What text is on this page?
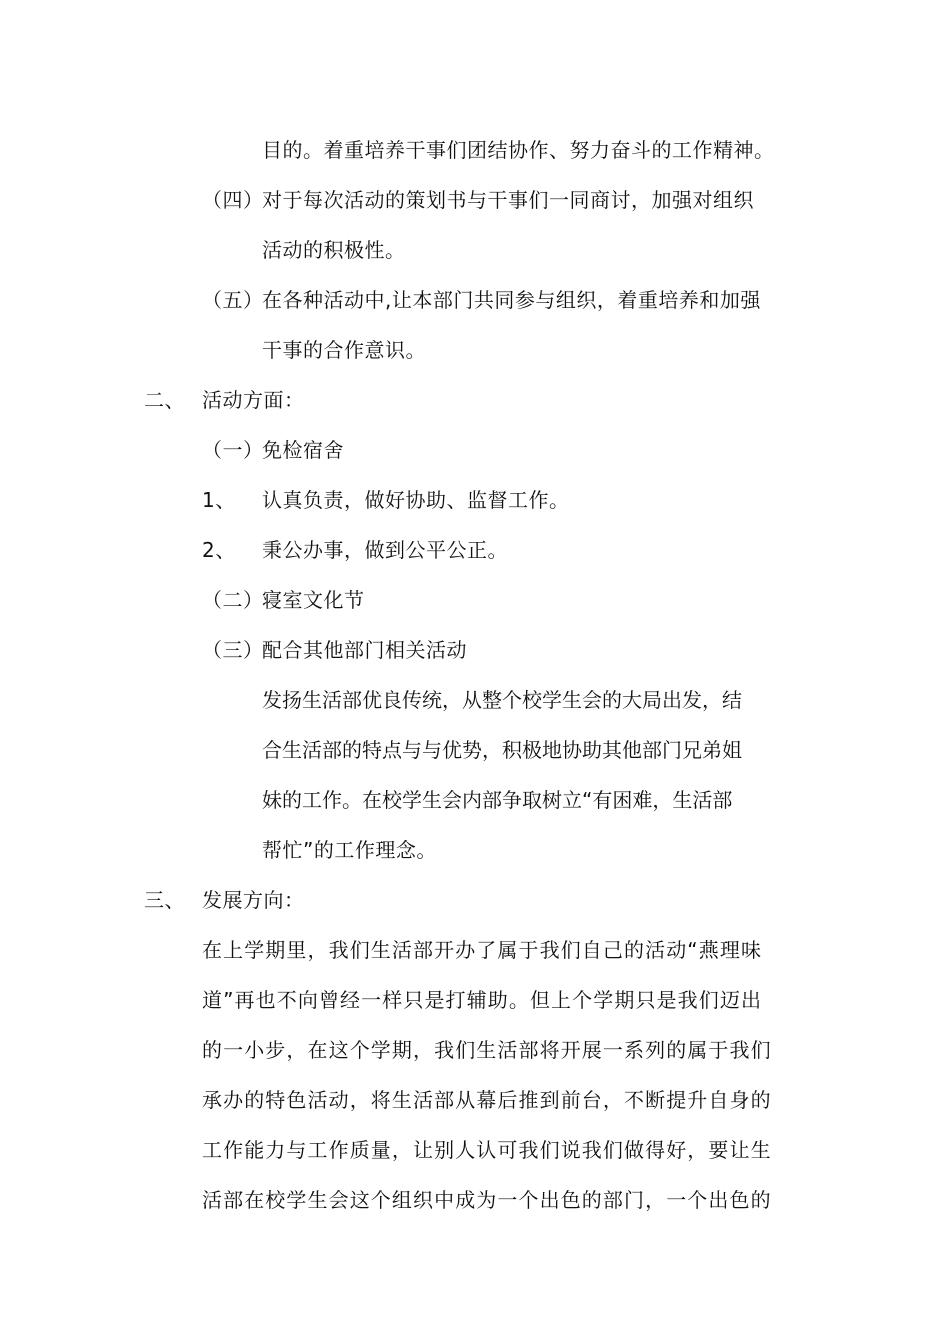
目的。着重培养干事们团结协作、努力奋斗的工作精神。
（四）
对于每次活动的策划书与干事们一同商讨，加强对组织
活动的积极性。
（五）
在各种活动中,让本部门共同参与组织，着重培养和加强
干事的合作意识。
二、 活动方面：
（一）
免检宿舍
1、 认真负责，做好协助、监督工作。
2、 秉公办事，做到公平公正。
（二）
寝室文化节
（三）
配合其他部门相关活动
发扬生活部优良传统，从整个校学生会的大局出发，结
合生活部的特点与与优势，积极地协助其他部门兄弟姐
妹的工作。在校学生会内部争取树立“有困难，生活部
帮忙”的工作理念。
三、 发展方向：
在上学期里，我们生活部开办了属于我们自己的活动“燕理味
道”再也不向曾经一样只是打辅助。但上个学期只是我们迈出
的一小步，在这个学期，我们生活部将开展一系列的属于我们
承办的特色活动，将生活部从幕后推到前台，不断提升自身的
工作能力与工作质量，让别人认可我们说我们做得好，要让生
活部在校学生会这个组织中成为一个出色的部门，一个出色的
